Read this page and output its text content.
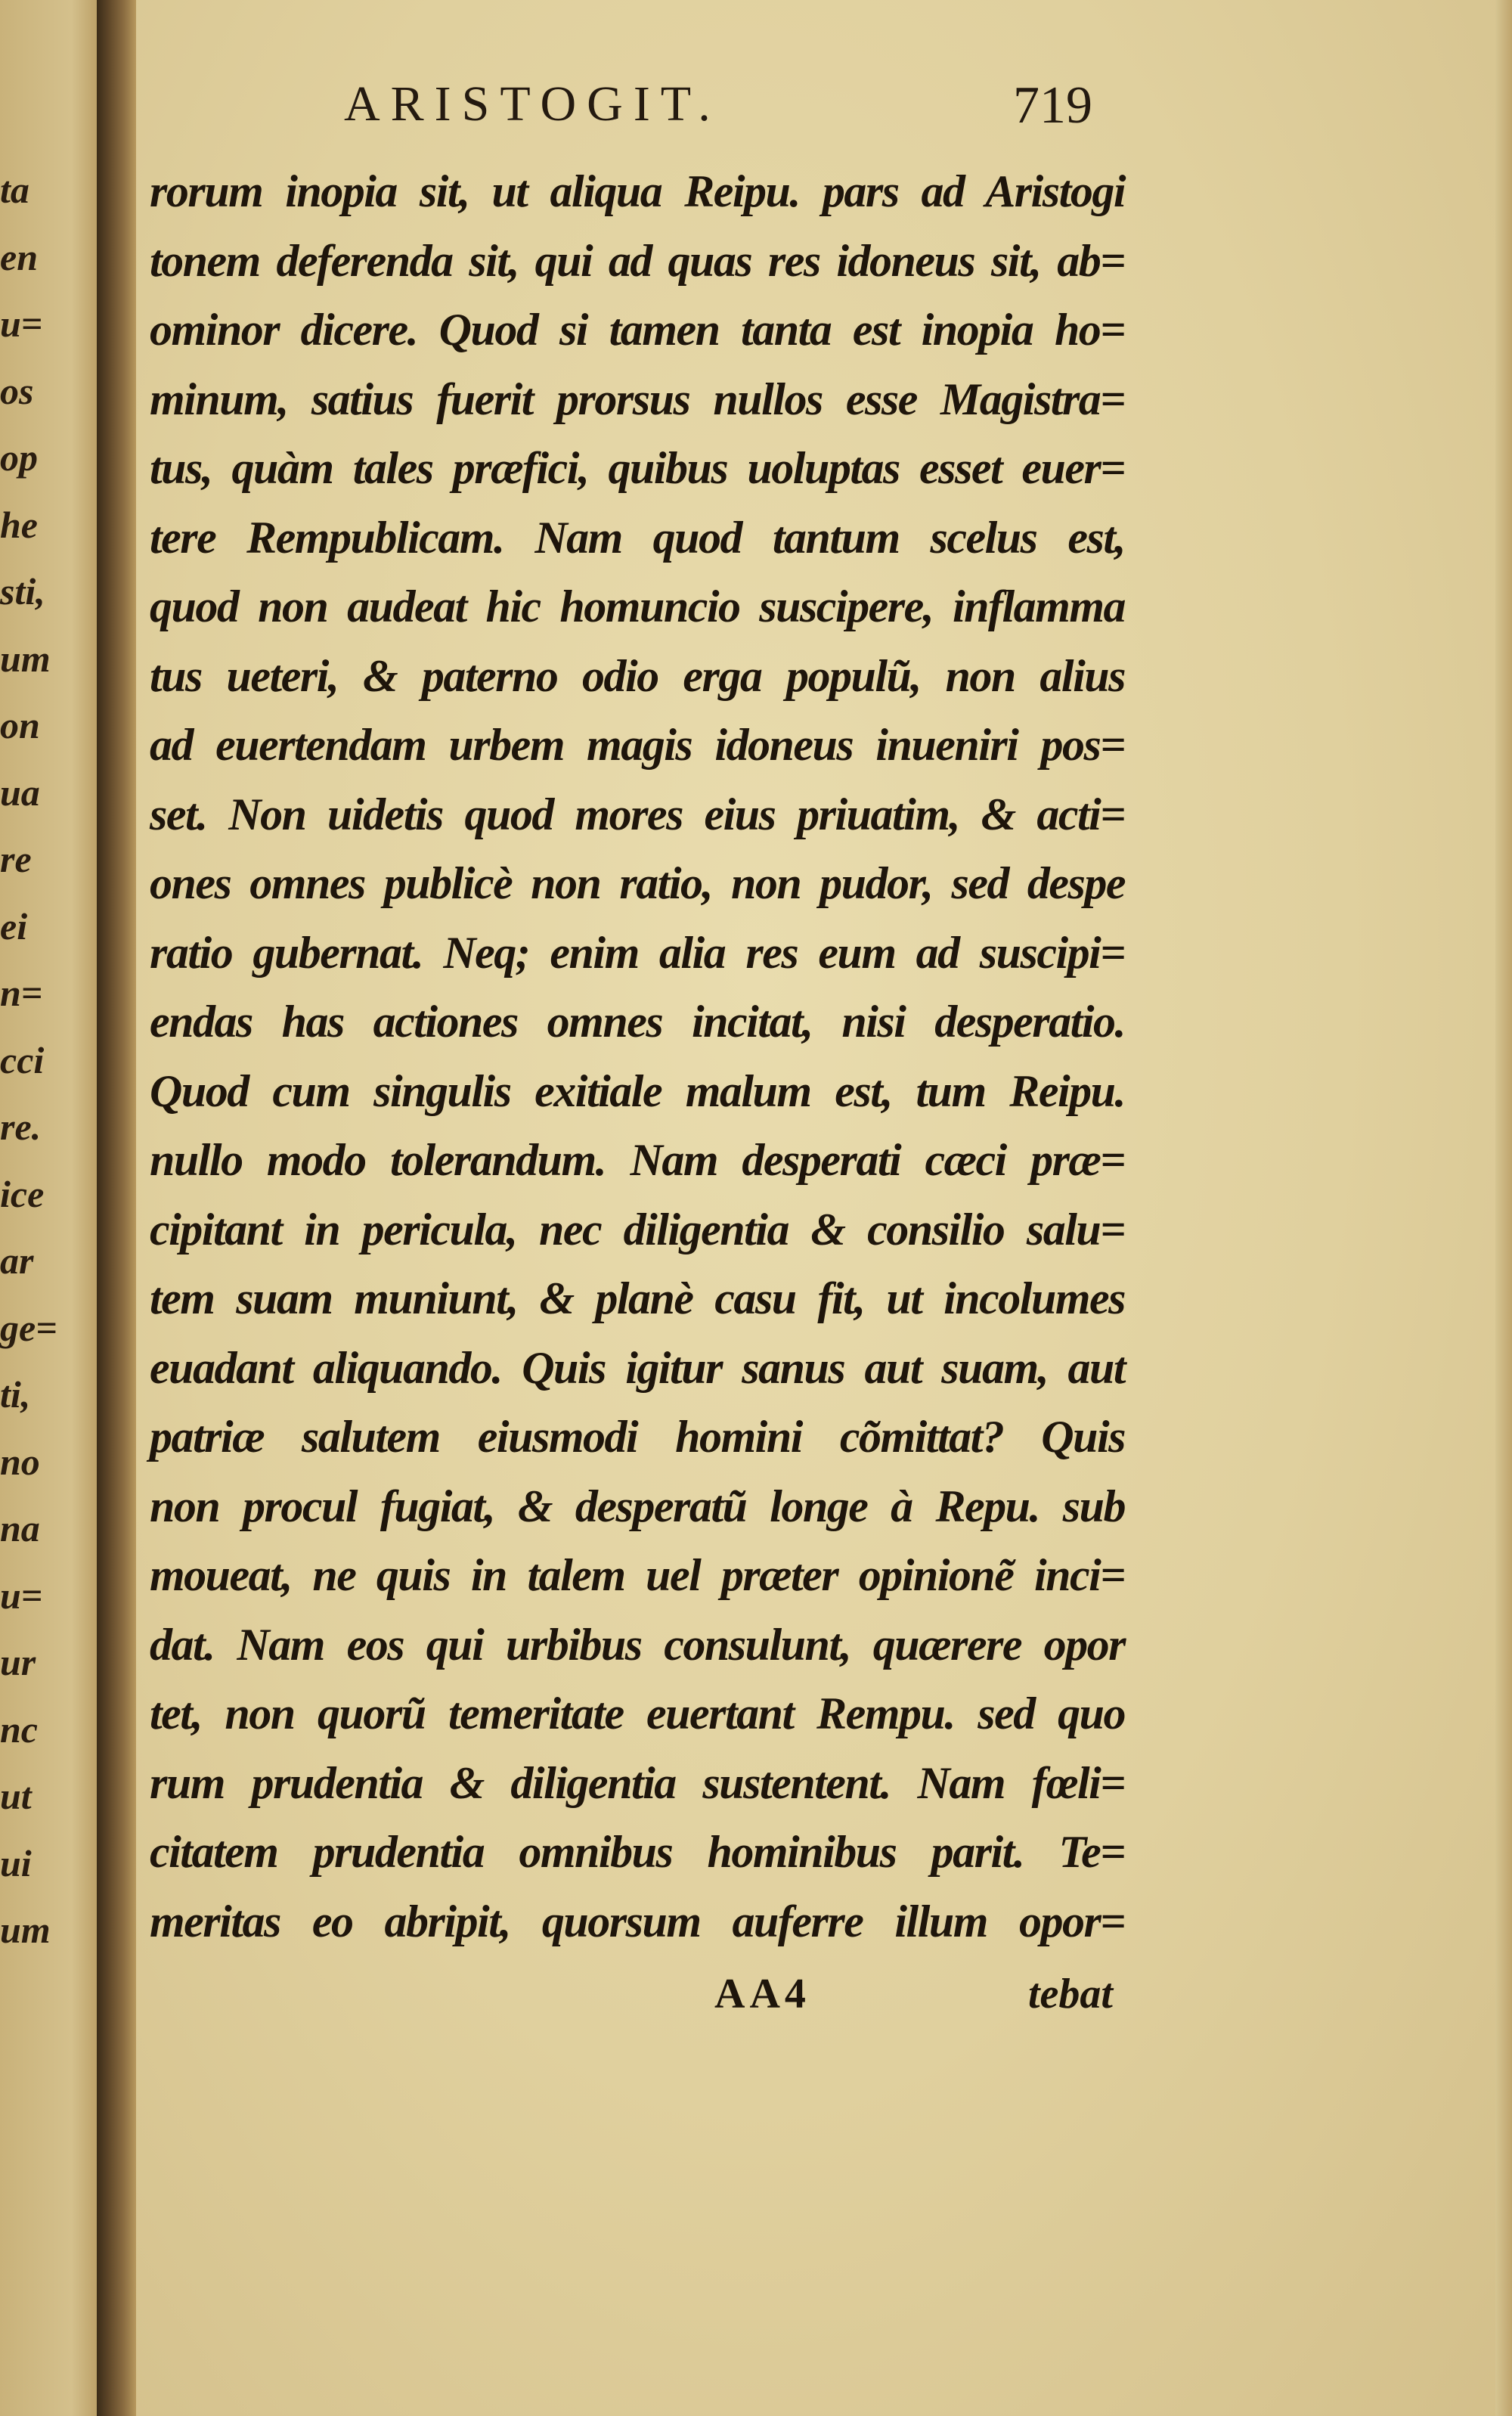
ta
en
u=
os
op
he
sti,
um
on
ua
re
ei
n=
cci
re.
ice
ar
ge=
ti,
no
na
u=
ur
nc
ut
ui
um
ARISTOGIT.	719
rorum inopia sit, ut aliqua Reipu. pars ad Aristogi
tonem deferenda sit, qui ad quas res idoneus sit, ab=
ominor dicere. Quod si tamen tanta est inopia ho=
minum, satius fuerit prorsus nullos esse Magistra=
tus, quàm tales præfici, quibus uoluptas esset euer=
tere Rempublicam. Nam quod tantum scelus est,
quod non audeat hic homuncio suscipere, inflamma
tus ueteri, & paterno odio erga populũ, non alius
ad euertendam urbem magis idoneus inueniri pos=
set. Non uidetis quod mores eius priuatim, & acti=
ones omnes publicè non ratio, non pudor, sed despe
ratio gubernat. Neq; enim alia res eum ad suscipi=
endas has actiones omnes incitat, nisi desperatio.
Quod cum singulis exitiale malum est, tum Reipu.
nullo modo tolerandum. Nam desperati cæci præ=
cipitant in pericula, nec diligentia & consilio salu=
tem suam muniunt, & planè casu fit, ut incolumes
euadant aliquando. Quis igitur sanus aut suam, aut
patriæ salutem eiusmodi homini cõmittat? Quis
non procul fugiat, & desperatũ longe à Repu. sub
moueat, ne quis in talem uel præter opinionẽ inci=
dat. Nam eos qui urbibus consulunt, quærere opor
tet, non quorũ temeritate euertant Rempu. sed quo
rum prudentia & diligentia sustentent. Nam fœli=
citatem prudentia omnibus hominibus parit. Te=
meritas eo abripit, quorsum auferre illum opor=
AA4	tebat
